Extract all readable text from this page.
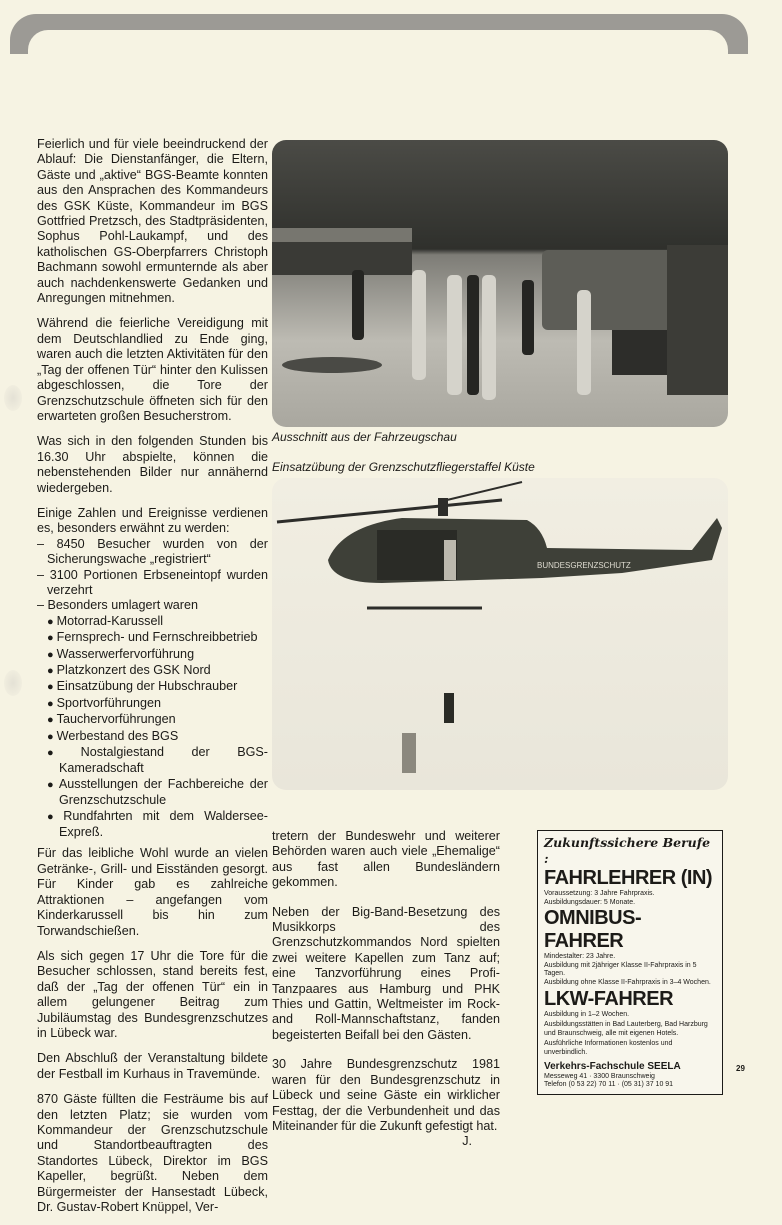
Feierlich und für viele beeindruckend der Ablauf: Die Dienstanfänger, die Eltern, Gäste und „aktive“ BGS-Beamte konnten aus den Ansprachen des Kommandeurs des GSK Küste, Kommandeur im BGS Gottfried Pretzsch, des Stadtpräsidenten, Sophus Pohl-Laukampf, und des katholischen GS-Oberpfarrers Christoph Bachmann sowohl ermunternde als aber auch nachdenkenswerte Gedanken und Anregungen mitnehmen.

Während die feierliche Vereidigung mit dem Deutschlandlied zu Ende ging, waren auch die letzten Aktivitäten für den „Tag der offenen Tür“ hinter den Kulissen abgeschlossen, die Tore der Grenzschutzschule öffneten sich für den erwarteten großen Besucherstrom.

Was sich in den folgenden Stunden bis 16.30 Uhr abspielte, können die nebenstehenden Bilder nur annähernd wiedergeben.

Einige Zahlen und Ereignisse verdienen es, besonders erwähnt zu werden:

– 8450 Besucher wurden von der Sicherungswache „registriert“
– 3100 Portionen Erbseneintopf wurden verzehrt
– Besonders umlagert waren
● Motorrad-Karussell
● Fernsprech- und Fernschreibbetrieb
● Wasserwerfervorführung
● Platzkonzert des GSK Nord
● Einsatzübung der Hubschrauber
● Sportvorführungen
● Tauchervorführungen
● Werbestand des BGS
● Nostalgiestand der BGS-Kameradschaft
● Ausstellungen der Fachbereiche der Grenzschutzschule
● Rundfahrten mit dem Waldersee-Expreß.

Für das leibliche Wohl wurde an vielen Getränke-, Grill- und Eisständen gesorgt. Für Kinder gab es zahlreiche Attraktionen – angefangen vom Kinderkarussell bis hin zum Torwandschießen.

Als sich gegen 17 Uhr die Tore für die Besucher schlossen, stand bereits fest, daß der „Tag der offenen Tür“ ein in allem gelungener Beitrag zum Jubiläumstag des Bundesgrenzschutzes in Lübeck war.

Den Abschluß der Veranstaltung bildete der Festball im Kurhaus in Travemünde.

870 Gäste füllten die Festräume bis auf den letzten Platz; sie wurden vom Kommandeur der Grenzschutzschule und Standortbeauftragten des Standortes Lübeck, Direktor im BGS Kapeller, begrüßt. Neben dem Bürgermeister der Hansestadt Lübeck, Dr. Gustav-Robert Knüppel, Ver-

Ausschnitt aus der Fahrzeugschau
Einsatzübung der Grenzschutzfliegerstaffel Küste
BUNDESGRENZSCHUTZ

tretern der Bundeswehr und weiterer Behörden waren auch viele „Ehemalige“ aus fast allen Bundesländern gekommen.

Neben der Big-Band-Besetzung des Musikkorps des Grenzschutzkommandos Nord spielten zwei weitere Kapellen zum Tanz auf; eine Tanzvorführung eines Profi-Tanzpaares aus Hamburg und PHK Thies und Gattin, Weltmeister im Rock- and Roll-Mannschaftstanz, fanden begeisterten Beifall bei den Gästen.

30 Jahre Bundesgrenzschutz 1981 waren für den Bundesgrenzschutz in Lübeck und seine Gäste ein wirklicher Festtag, der die Verbundenheit und das Miteinander für die Zukunft gefestigt hat.

J.
Zukunftssichere Berufe :
FAHRLEHRER (IN)
Voraussetzung: 3 Jahre Fahrpraxis.
Ausbildungsdauer: 5 Monate.
OMNIBUS-FAHRER
Mindestalter: 23 Jahre.
Ausbildung mit 2jähriger Klasse II-Fahrpraxis in 5 Tagen.
Ausbildung ohne Klasse II-Fahrpraxis in 3–4 Wochen.
LKW-FAHRER
Ausbildung in 1–2 Wochen.
Ausbildungsstätten in Bad Lauterberg, Bad Harzburg und Braunschweig, alle mit eigenen Hotels.
Ausführliche Informationen kostenlos und unverbindlich.
Verkehrs-Fachschule SEELA
Messeweg 41 · 3300 Braunschweig
Telefon (0 53 22) 70 11 · (05 31) 37 10 91
29
